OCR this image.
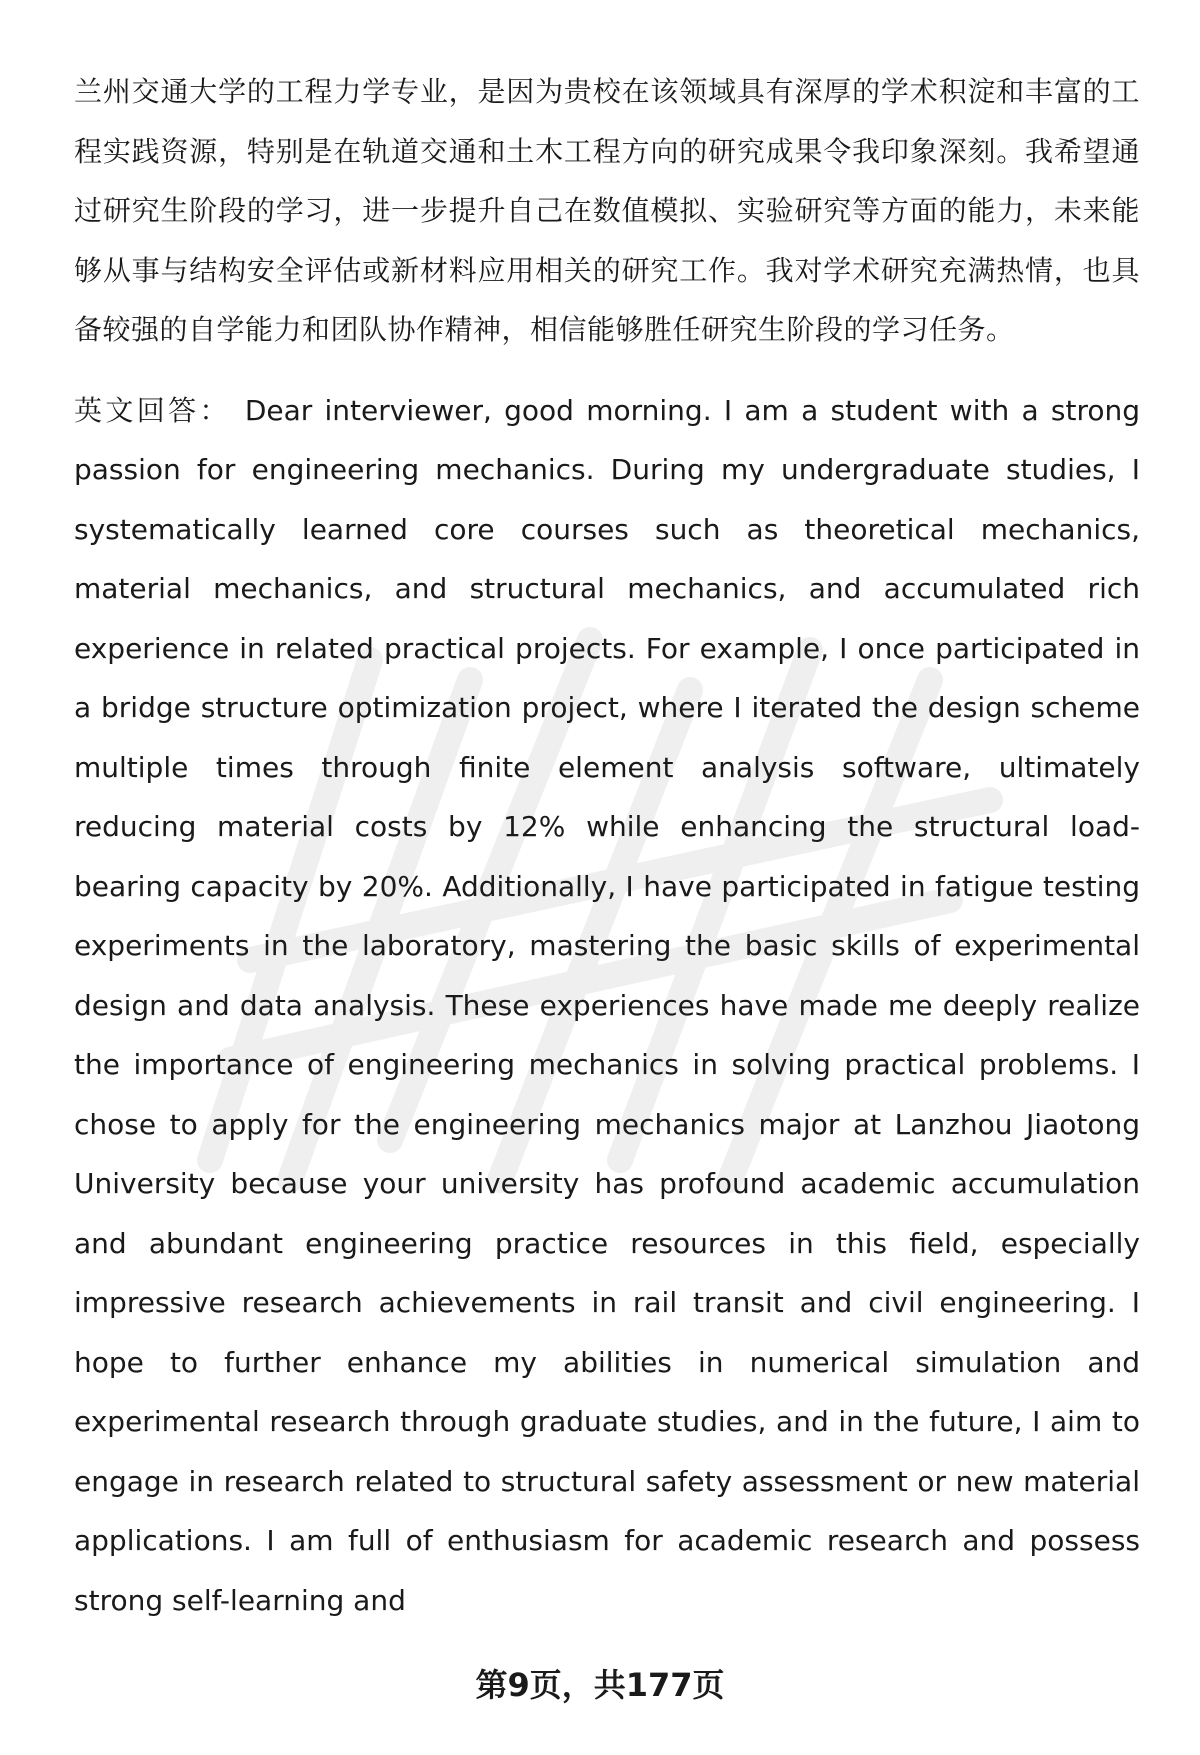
兰州交通大学的工程力学专业，是因为贵校在该领域具有深厚的学术积淀和丰富的工程实践资源，特别是在轨道交通和土木工程方向的研究成果令我印象深刻。我希望通过研究生阶段的学习，进一步提升自己在数值模拟、实验研究等方面的能力，未来能够从事与结构安全评估或新材料应用相关的研究工作。我对学术研究充满热情，也具备较强的自学能力和团队协作精神，相信能够胜任研究生阶段的学习任务。

英文回答： Dear interviewer, good morning. I am a student with a strong passion for engineering mechanics. During my undergraduate studies, I systematically learned core courses such as theoretical mechanics, material mechanics, and structural mechanics, and accumulated rich experience in related practical projects. For example, I once participated in a bridge structure optimization project, where I iterated the design scheme multiple times through finite element analysis software, ultimately reducing material costs by 12% while enhancing the structural load-bearing capacity by 20%. Additionally, I have participated in fatigue testing experiments in the laboratory, mastering the basic skills of experimental design and data analysis. These experiences have made me deeply realize the importance of engineering mechanics in solving practical problems. I chose to apply for the engineering mechanics major at Lanzhou Jiaotong University because your university has profound academic accumulation and abundant engineering practice resources in this field, especially impressive research achievements in rail transit and civil engineering. I hope to further enhance my abilities in numerical simulation and experimental research through graduate studies, and in the future, I aim to engage in research related to structural safety assessment or new material applications. I am full of enthusiasm for academic research and possess strong self-learning and

第9页，共177页
